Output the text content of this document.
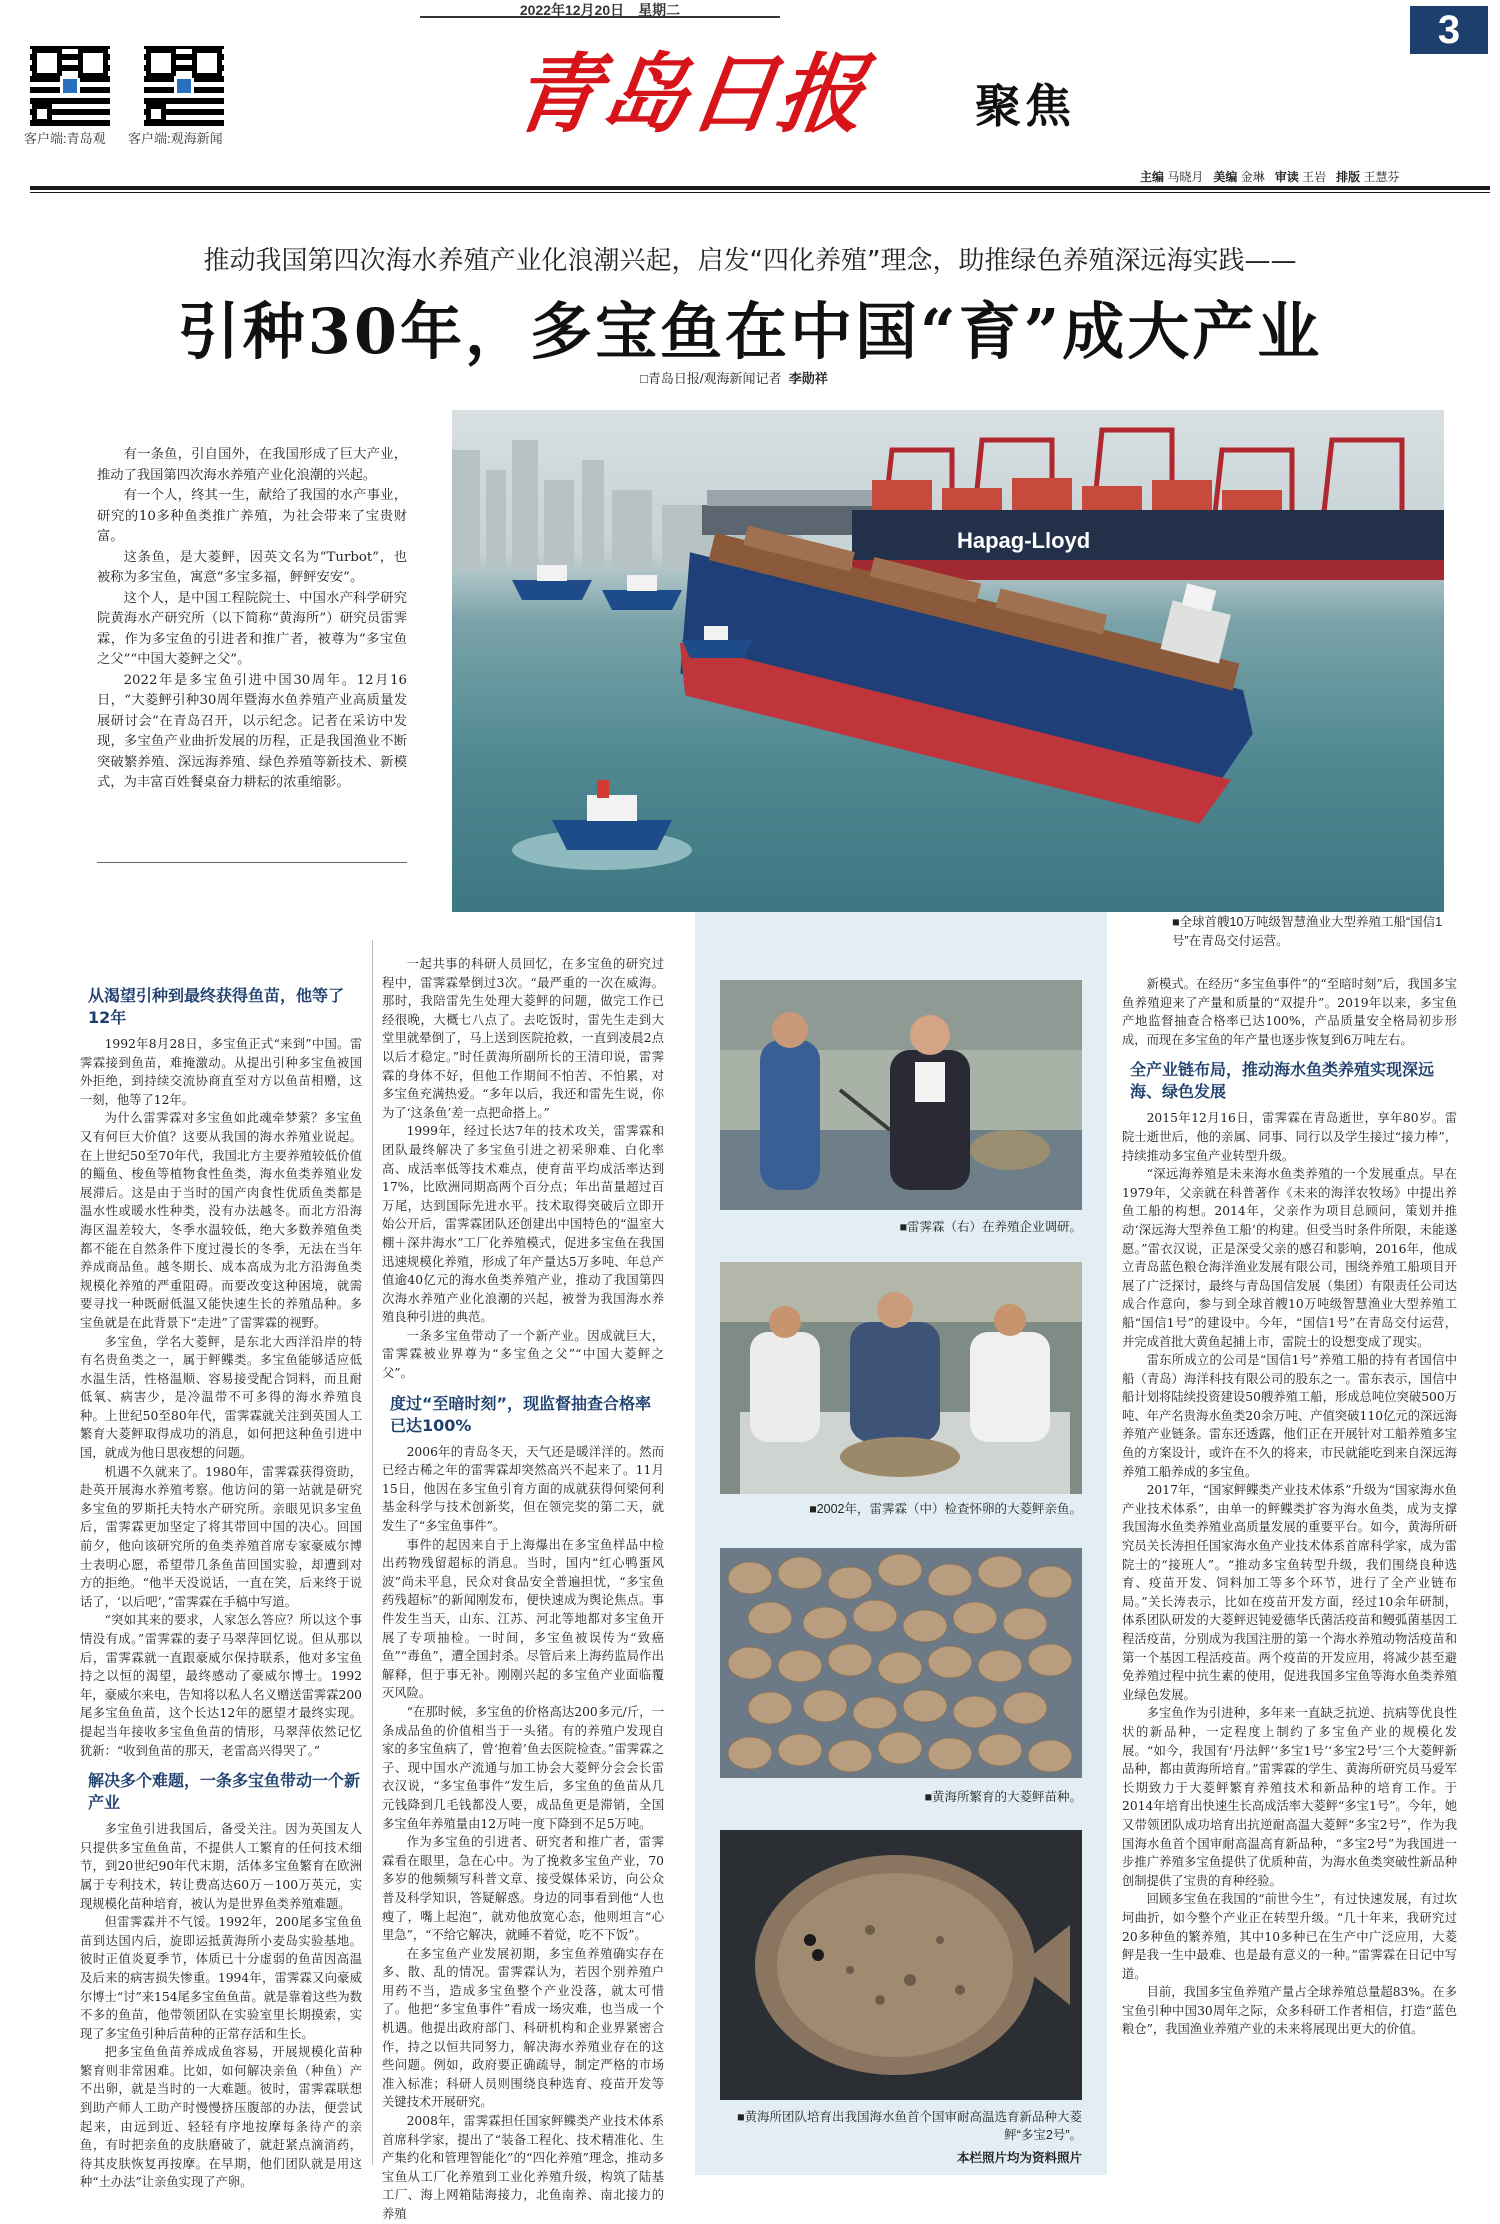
2022年12月20日　星期二	3
客户端:青岛观 客户端:观海新闻	青岛日报 聚焦
主编 马晓月 美编 金琳 审读 王岩 排版 王慧芬
推动我国第四次海水养殖产业化浪潮兴起，启发“四化养殖”理念，助推绿色养殖深远海实践——
引种30年，多宝鱼在中国“育”成大产业
□青岛日报/观海新闻记者 李勋祥

有一条鱼，引自国外，在我国形成了巨大产业，推动了我国第四次海水养殖产业化浪潮的兴起。

有一个人，终其一生，献给了我国的水产事业，研究的10多种鱼类推广养殖，为社会带来了宝贵财富。

这条鱼，是大菱鲆，因英文名为“Turbot”，也被称为多宝鱼，寓意“多宝多福，鲆鲆安安”。

这个人，是中国工程院院士、中国水产科学研究院黄海水产研究所（以下简称“黄海所”）研究员雷霁霖，作为多宝鱼的引进者和推广者，被尊为“多宝鱼之父”“中国大菱鲆之父”。

2022年是多宝鱼引进中国30周年。12月16日，“大菱鲆引种30周年暨海水鱼养殖产业高质量发展研讨会”在青岛召开，以示纪念。记者在采访中发现，多宝鱼产业曲折发展的历程，正是我国渔业不断突破繁养殖、深远海养殖、绿色养殖等新技术、新模式，为丰富百姓餐桌奋力耕耘的浓重缩影。

Hapag-Lloyd
■全球首艘10万吨级智慧渔业大型养殖工船“国信1号”在青岛交付运营。
从渴望引种到最终获得鱼苗，他等了12年

1992年8月28日，多宝鱼正式“来到”中国。雷霁霖接到鱼苗，难掩激动。从提出引种多宝鱼被国外拒绝，到持续交流协商直至对方以鱼苗相赠，这一刻，他等了12年。

为什么雷霁霖对多宝鱼如此魂牵梦萦？多宝鱼又有何巨大价值？这要从我国的海水养殖业说起。在上世纪50至70年代，我国北方主要养殖较低价值的鲻鱼、梭鱼等植物食性鱼类，海水鱼类养殖业发展滞后。这是由于当时的国产肉食性优质鱼类都是温水性或暖水性种类，没有办法越冬。而北方沿海海区温差较大，冬季水温较低，绝大多数养殖鱼类都不能在自然条件下度过漫长的冬季，无法在当年养成商品鱼。越冬期长、成本高成为北方沿海鱼类规模化养殖的严重阻碍。而要改变这种困境，就需要寻找一种既耐低温又能快速生长的养殖品种。多宝鱼就是在此背景下“走进”了雷霁霖的视野。

多宝鱼，学名大菱鲆，是东北大西洋沿岸的特有名贵鱼类之一，属于鲆鲽类。多宝鱼能够适应低水温生活，性格温顺、容易接受配合饲料，而且耐低氧、病害少，是冷温带不可多得的海水养殖良种。上世纪50至80年代，雷霁霖就关注到英国人工繁育大菱鲆取得成功的消息，如何把这种鱼引进中国，就成为他日思夜想的问题。

机遇不久就来了。1980年，雷霁霖获得资助，赴英开展海水养殖考察。他访问的第一站就是研究多宝鱼的罗斯托夫特水产研究所。亲眼见识多宝鱼后，雷霁霖更加坚定了将其带回中国的决心。回国前夕，他向该研究所的鱼类养殖首席专家豪威尔博士表明心愿，希望带几条鱼苗回国实验，却遭到对方的拒绝。“他半天没说话，一直在笑，后来终于说话了，‘以后吧’，”雷霁霖在手稿中写道。

“突如其来的要求，人家怎么答应？所以这个事情没有成。”雷霁霖的妻子马翠萍回忆说。但从那以后，雷霁霖就一直跟豪威尔保持联系，他对多宝鱼持之以恒的渴望，最终感动了豪威尔博士。1992年，豪威尔来电，告知将以私人名义赠送雷霁霖200尾多宝鱼鱼苗，这个长达12年的愿望才最终实现。提起当年接收多宝鱼鱼苗的情形，马翠萍依然记忆犹新：“收到鱼苗的那天，老雷高兴得哭了。”

解决多个难题，一条多宝鱼带动一个新产业

多宝鱼引进我国后，备受关注。因为英国友人只提供多宝鱼鱼苗，不提供人工繁育的任何技术细节，到20世纪90年代末期，活体多宝鱼繁育在欧洲属于专利技术，转让费高达60万－100万英元，实现规模化苗种培育，被认为是世界鱼类养殖难题。

但雷霁霖并不气馁。1992年，200尾多宝鱼鱼苗到达国内后，旋即运抵黄海所小麦岛实验基地。彼时正值炎夏季节，体质已十分虚弱的鱼苗因高温及后来的病害损失惨重。1994年，雷霁霖又向豪威尔博士“讨”来154尾多宝鱼鱼苗。就是靠着这些为数不多的鱼苗，他带领团队在实验室里长期摸索，实现了多宝鱼引种后苗种的正常存活和生长。

把多宝鱼鱼苗养成成鱼容易，开展规模化苗种繁育则非常困难。比如，如何解决亲鱼（种鱼）产不出卵，就是当时的一大难题。彼时，雷霁霖联想到助产师人工助产时慢慢挤压腹部的办法，便尝试起来，由远到近、轻轻有序地按摩每条待产的亲鱼，有时把亲鱼的皮肤磨破了，就赶紧点滴消药，待其皮肤恢复再按摩。在早期，他们团队就是用这种“土办法”让亲鱼实现了产卵。

一起共事的科研人员回忆，在多宝鱼的研究过程中，雷霁霖晕倒过3次。“最严重的一次在威海。那时，我陪雷先生处理大菱鲆的问题，做完工作已经很晚，大概七八点了。去吃饭时，雷先生走到大堂里就晕倒了，马上送到医院抢救，一直到凌晨2点以后才稳定。”时任黄海所副所长的王清印说，雷霁霖的身体不好，但他工作期间不怕苦、不怕累，对多宝鱼充满热爱。“多年以后，我还和雷先生说，你为了‘这条鱼’差一点把命搭上。”

1999年，经过长达7年的技术攻关，雷霁霖和团队最终解决了多宝鱼引进之初采卵难、白化率高、成活率低等技术难点，使育苗平均成活率达到17%，比欧洲同期高两个百分点；年出苗量超过百万尾，达到国际先进水平。技术取得突破后立即开始公开后，雷霁霖团队还创建出中国特色的“温室大棚＋深井海水”工厂化养殖模式，促进多宝鱼在我国迅速规模化养殖，形成了年产量达5万多吨、年总产值逾40亿元的海水鱼类养殖产业，推动了我国第四次海水养殖产业化浪潮的兴起，被誉为我国海水养殖良种引进的典范。

一条多宝鱼带动了一个新产业。因成就巨大，雷霁霖被业界尊为“多宝鱼之父”“中国大菱鲆之父”。

度过“至暗时刻”，现监督抽查合格率已达100%

2006年的青岛冬天，天气还是暖洋洋的。然而已经古稀之年的雷霁霖却突然高兴不起来了。11月15日，他因在多宝鱼引育方面的成就获得何梁何利基金科学与技术创新奖，但在领完奖的第二天，就发生了“多宝鱼事件”。

事件的起因来自于上海爆出在多宝鱼样品中检出药物残留超标的消息。当时，国内“红心鸭蛋风波”尚未平息，民众对食品安全普遍担忧，“多宝鱼药残超标”的新闻刚发布，便快速成为舆论焦点。事件发生当天，山东、江苏、河北等地都对多宝鱼开展了专项抽检。一时间，多宝鱼被误传为“致癌鱼”“毒鱼”，遭全国封杀。尽管后来上海药监局作出解释，但于事无补。刚刚兴起的多宝鱼产业面临覆灭风险。

“在那时候，多宝鱼的价格高达200多元/斤，一条成品鱼的价值相当于一头猪。有的养殖户发现自家的多宝鱼病了，曾‘抱着’鱼去医院检查。”雷霁霖之子、现中国水产流通与加工协会大菱鲆分会会长雷衣汉说，“多宝鱼事件”发生后，多宝鱼的鱼苗从几元钱降到几毛钱都没人要，成品鱼更是滞销，全国多宝鱼年养殖量由12万吨一度下降到不足5万吨。

作为多宝鱼的引进者、研究者和推广者，雷霁霖看在眼里，急在心中。为了挽救多宝鱼产业，70多岁的他频频写科普文章、接受媒体采访，向公众普及科学知识，答疑解惑。身边的同事看到他“人也瘦了，嘴上起泡”，就劝他放宽心态，他则坦言“心里急”，“不给它解决，就睡不着觉，吃不下饭”。

在多宝鱼产业发展初期，多宝鱼养殖确实存在多、散、乱的情况。雷霁霖认为，若因个别养殖户用药不当，造成多宝鱼整个产业没落，就太可惜了。他把“多宝鱼事件”看成一场灾难，也当成一个机遇。他提出政府部门、科研机构和企业界紧密合作，持之以恒共同努力，解决海水养殖业存在的这些问题。例如，政府要正确疏导，制定严格的市场准入标准；科研人员则围绕良种选育、疫苗开发等关键技术开展研究。

2008年，雷霁霖担任国家鲆鲽类产业技术体系首席科学家，提出了“装备工程化、技术精准化、生产集约化和管理智能化”的“四化养殖”理念，推动多宝鱼从工厂化养殖到工业化养殖升级，构筑了陆基工厂、海上网箱陆海接力，北鱼南养、南北接力的养殖

■雷霁霖（右）在养殖企业调研。
■2002年，雷霁霖（中）检查怀卵的大菱鲆亲鱼。
■黄海所繁育的大菱鲆苗种。
■黄海所团队培育出我国海水鱼首个国审耐高温选育新品种大菱鲆“多宝2号”。
本栏照片均为资料照片

新模式。在经历“多宝鱼事件”的“至暗时刻”后，我国多宝鱼养殖迎来了产量和质量的“双提升”。2019年以来，多宝鱼产地监督抽查合格率已达100%，产品质量安全格局初步形成，而现在多宝鱼的年产量也逐步恢复到6万吨左右。

全产业链布局，推动海水鱼类养殖实现深远海、绿色发展

2015年12月16日，雷霁霖在青岛逝世，享年80岁。雷院士逝世后，他的亲属、同事、同行以及学生接过“接力棒”，持续推动多宝鱼产业转型升级。

“深远海养殖是未来海水鱼类养殖的一个发展重点。早在1979年，父亲就在科普著作《未来的海洋农牧场》中提出养鱼工船的构想。2014年，父亲作为项目总顾问，策划并推动‘深远海大型养鱼工船’的构建。但受当时条件所限，未能遂愿。”雷衣汉说，正是深受父亲的感召和影响，2016年，他成立青岛蓝色粮仓海洋渔业发展有限公司，围绕养殖工船项目开展了广泛探讨，最终与青岛国信发展（集团）有限责任公司达成合作意向，参与到全球首艘10万吨级智慧渔业大型养殖工船“国信1号”的建设中。今年，“国信1号”在青岛交付运营，并完成首批大黄鱼起捕上市，雷院士的设想变成了现实。

雷东所成立的公司是“国信1号”养殖工船的持有者国信中船（青岛）海洋科技有限公司的股东之一。雷东表示，国信中船计划将陆续投资建设50艘养殖工船，形成总吨位突破500万吨、年产名贵海水鱼类20余万吨、产值突破110亿元的深远海养殖产业链条。雷东还透露，他们正在开展针对工船养殖多宝鱼的方案设计，或许在不久的将来，市民就能吃到来自深远海养殖工船养成的多宝鱼。

2017年，“国家鲆鲽类产业技术体系”升级为“国家海水鱼产业技术体系”，由单一的鲆鲽类扩容为海水鱼类，成为支撑我国海水鱼类养殖业高质量发展的重要平台。如今，黄海所研究员关长涛担任国家海水鱼产业技术体系首席科学家，成为雷院士的“接班人”。“推动多宝鱼转型升级，我们围绕良种选育、疫苗开发、饲料加工等多个环节，进行了全产业链布局。”关长涛表示，比如在疫苗开发方面，经过10余年研制，体系团队研发的大菱鲆迟钝爱德华氏菌活疫苗和鳗弧菌基因工程活疫苗，分别成为我国注册的第一个海水养殖动物活疫苗和第一个基因工程活疫苗。两个疫苗的开发应用，将减少甚至避免养殖过程中抗生素的使用，促进我国多宝鱼等海水鱼类养殖业绿色发展。

多宝鱼作为引进种，多年来一直缺乏抗逆、抗病等优良性状的新品种，一定程度上制约了多宝鱼产业的规模化发展。“如今，我国有‘丹法鲆’‘多宝1号’‘多宝2号’三个大菱鲆新品种，都由黄海所培育。”雷霁霖的学生、黄海所研究员马爱军长期致力于大菱鲆繁育养殖技术和新品种的培育工作。于2014年培育出快速生长高成活率大菱鲆“多宝1号”。今年，她又带领团队成功培育出抗逆耐高温大菱鲆“多宝2号”，作为我国海水鱼首个国审耐高温高育新品种，“多宝2号”为我国进一步推广养殖多宝鱼提供了优质种苗，为海水鱼类突破性新品种创制提供了宝贵的育种经验。

回顾多宝鱼在我国的“前世今生”，有过快速发展，有过坎坷曲折，如今整个产业正在转型升级。“几十年来，我研究过20多种鱼的繁养殖，其中10多种已在生产中广泛应用，大菱鲆是我一生中最难、也是最有意义的一种。”雷霁霖在日记中写道。

目前，我国多宝鱼养殖产量占全球养殖总量超83%。在多宝鱼引种中国30周年之际，众多科研工作者相信，打造“蓝色粮仓”，我国渔业养殖产业的未来将展现出更大的价值。
